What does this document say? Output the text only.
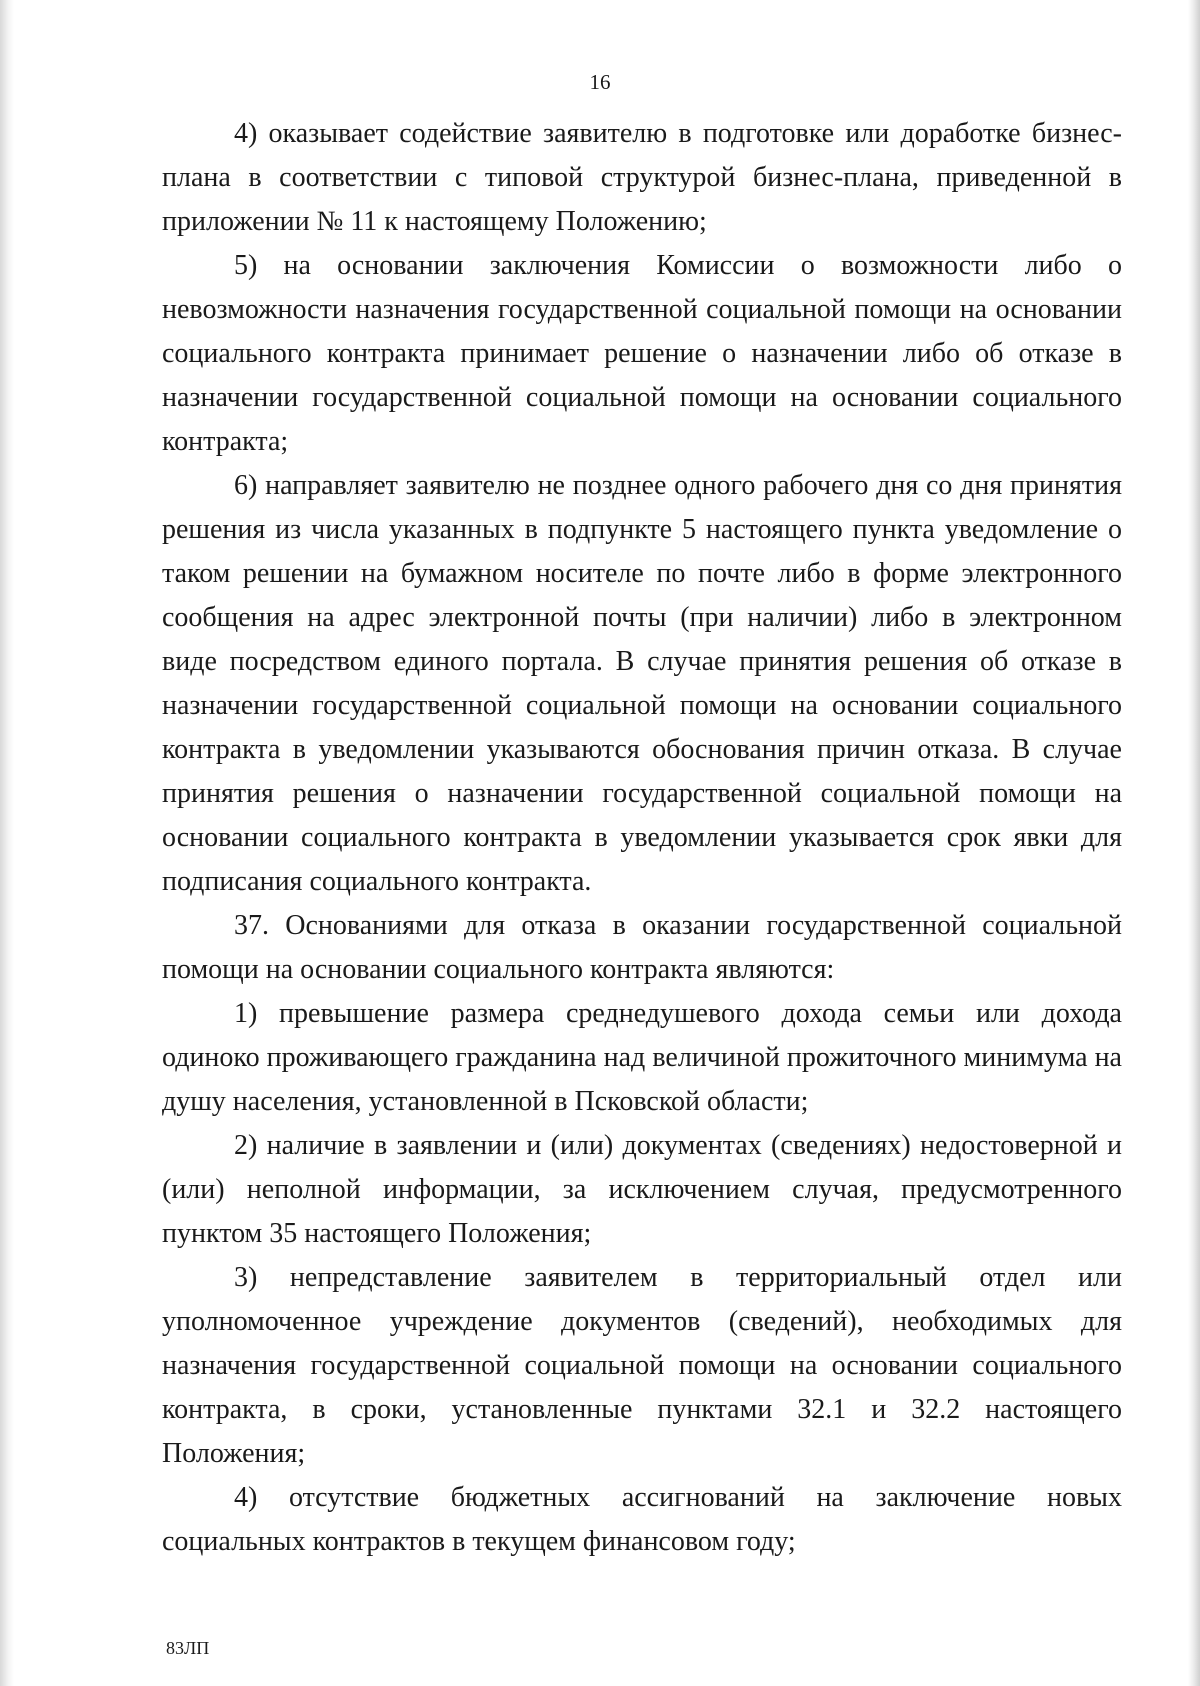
16

4) оказывает содействие заявителю в подготовке или доработке бизнес-плана в соответствии с типовой структурой бизнес-плана, приведенной в приложении № 11 к настоящему Положению;

5) на основании заключения Комиссии о возможности либо о невозможности назначения государственной социальной помощи на основании социального контракта принимает решение о назначении либо об отказе в назначении государственной социальной помощи на основании социального контракта;

6) направляет заявителю не позднее одного рабочего дня со дня принятия решения из числа указанных в подпункте 5 настоящего пункта уведомление о таком решении на бумажном носителе по почте либо в форме электронного сообщения на адрес электронной почты (при наличии) либо в электронном виде посредством единого портала. В случае принятия решения об отказе в назначении государственной социальной помощи на основании социального контракта в уведомлении указываются обоснования причин отказа. В случае принятия решения о назначении государственной социальной помощи на основании социального контракта в уведомлении указывается срок явки для подписания социального контракта.

37. Основаниями для отказа в оказании государственной социальной помощи на основании социального контракта являются:

1) превышение размера среднедушевого дохода семьи или дохода одиноко проживающего гражданина над величиной прожиточного минимума на душу населения, установленной в Псковской области;

2) наличие в заявлении и (или) документах (сведениях) недостоверной и (или) неполной информации, за исключением случая, предусмотренного пунктом 35 настоящего Положения;

3) непредставление заявителем в территориальный отдел или уполномоченное учреждение документов (сведений), необходимых для назначения государственной социальной помощи на основании социального контракта, в сроки, установленные пунктами 32.1 и 32.2 настоящего Положения;

4) отсутствие бюджетных ассигнований на заключение новых социальных контрактов в текущем финансовом году;

83ЛП
